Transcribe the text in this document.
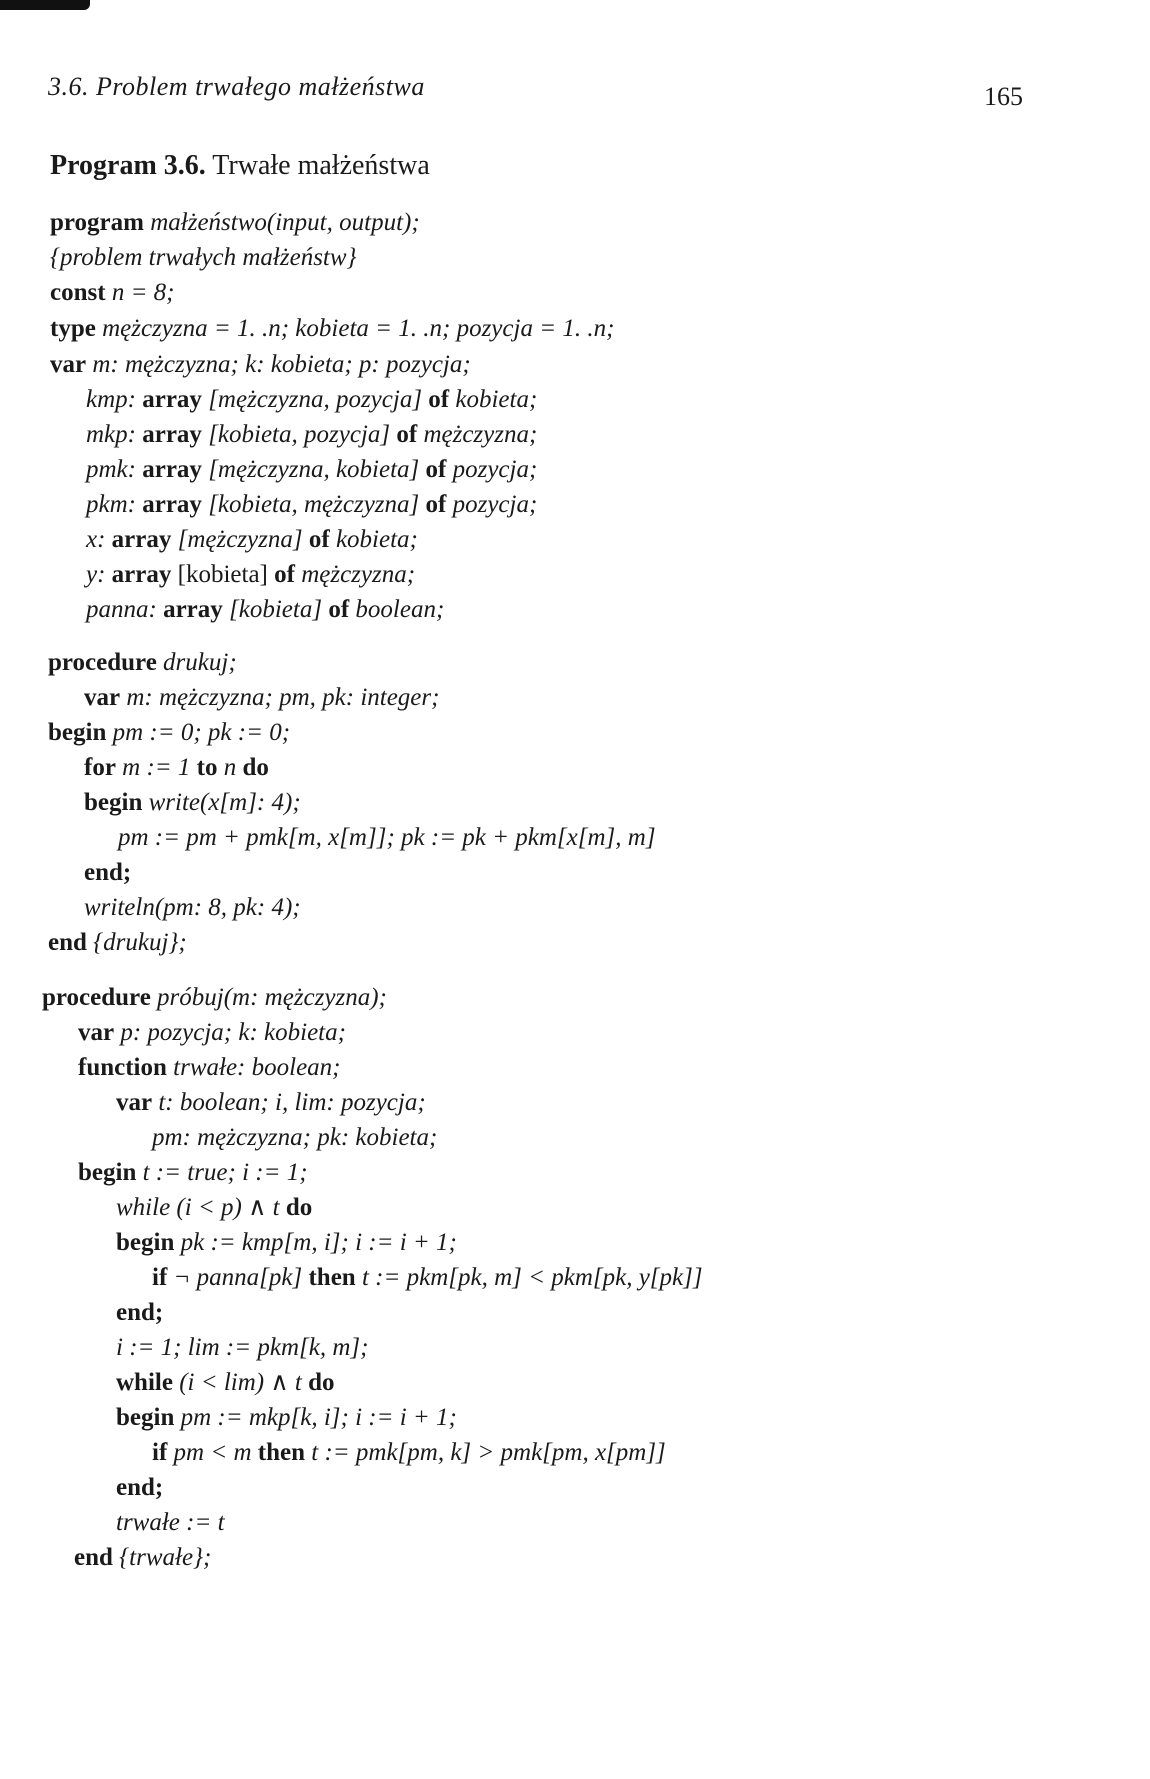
3.6. Problem trwałego małżeństwa	165
Program 3.6. Trwałe małżeństwa
program małżeństwo(input, output);
{problem trwałych małżeństw}
const n = 8;
type mężczyzna = 1. .n; kobieta = 1. .n; pozycja = 1. .n;
var m: mężczyzna; k: kobieta; p: pozycja;
kmp: array [mężczyzna, pozycja] of kobieta;
mkp: array [kobieta, pozycja] of mężczyzna;
pmk: array [mężczyzna, kobieta] of pozycja;
pkm: array [kobieta, mężczyzna] of pozycja;
x: array [mężczyzna] of kobieta;
y: array [kobieta] of mężczyzna;
panna: array [kobieta] of boolean;
procedure drukuj;
var m: mężczyzna; pm, pk: integer;
begin pm := 0; pk := 0;
for m := 1 to n do
begin write(x[m]: 4);
pm := pm + pmk[m, x[m]]; pk := pk + pkm[x[m], m]
end;
writeln(pm: 8, pk: 4);
end {drukuj};
procedure próbuj(m: mężczyzna);
var p: pozycja; k: kobieta;
function trwałe: boolean;
var t: boolean; i, lim: pozycja;
pm: mężczyzna; pk: kobieta;
begin t := true; i := 1;
while (i < p) ∧ t do
begin pk := kmp[m, i]; i := i + 1;
if ¬ panna[pk] then t := pkm[pk, m] < pkm[pk, y[pk]]
end;
i := 1; lim := pkm[k, m];
while (i < lim) ∧ t do
begin pm := mkp[k, i]; i := i + 1;
if pm < m then t := pmk[pm, k] > pmk[pm, x[pm]]
end;
trwałe := t
end {trwałe};
